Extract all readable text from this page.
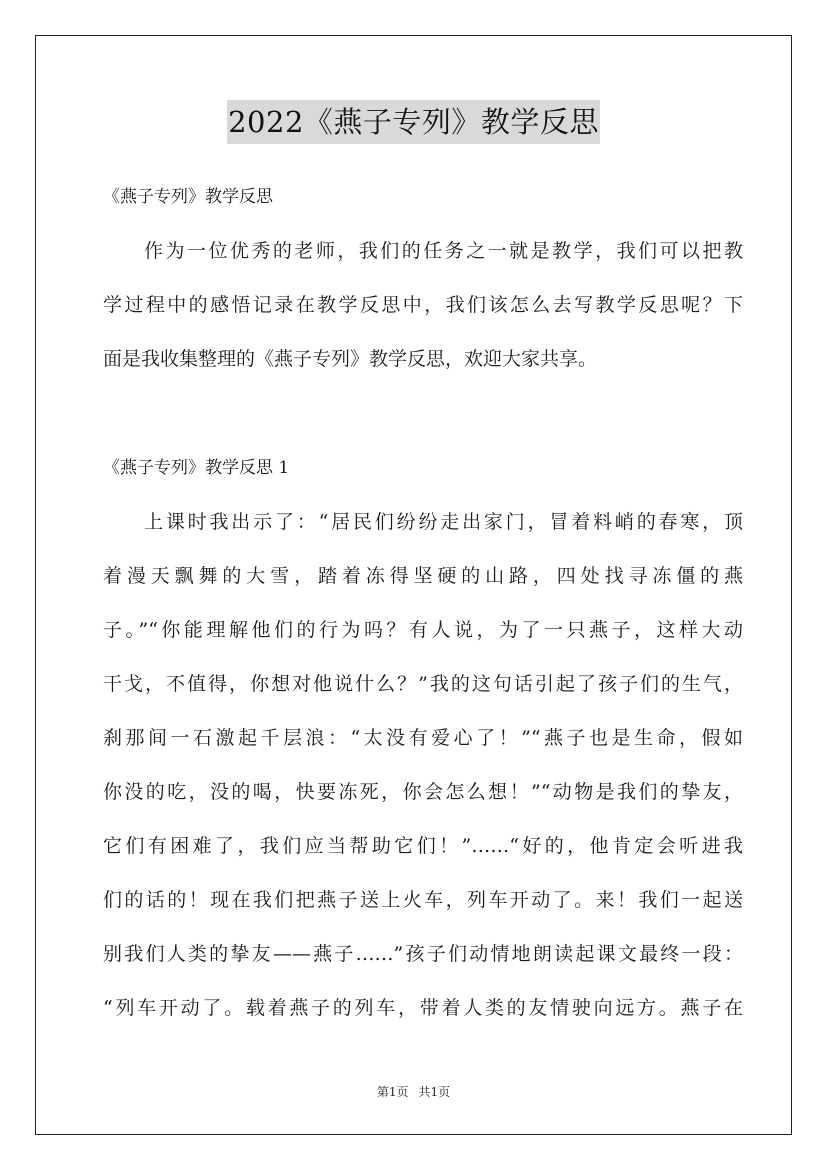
2022《燕子专列》教学反思
《燕子专列》教学反思
作为一位优秀的老师，我们的任务之一就是教学，我们可以把教
学过程中的感悟记录在教学反思中，我们该怎么去写教学反思呢？下
面是我收集整理的《燕子专列》教学反思，欢迎大家共享。
《燕子专列》教学反思 1
上课时我出示了：“居民们纷纷走出家门，冒着料峭的春寒，顶
着漫天飘舞的大雪，踏着冻得坚硬的山路，四处找寻冻僵的燕
子。”“你能理解他们的行为吗？有人说，为了一只燕子，这样大动
干戈，不值得，你想对他说什么？”我的这句话引起了孩子们的生气，
刹那间一石激起千层浪：“太没有爱心了！”“燕子也是生命，假如
你没的吃，没的喝，快要冻死，你会怎么想！”“动物是我们的挚友，
它们有困难了，我们应当帮助它们！”……“好的，他肯定会听进我
们的话的！现在我们把燕子送上火车，列车开动了。来！我们一起送
别我们人类的挚友——燕子……”孩子们动情地朗读起课文最终一段：
“列车开动了。载着燕子的列车，带着人类的友情驶向远方。燕子在
第1页 共1页
